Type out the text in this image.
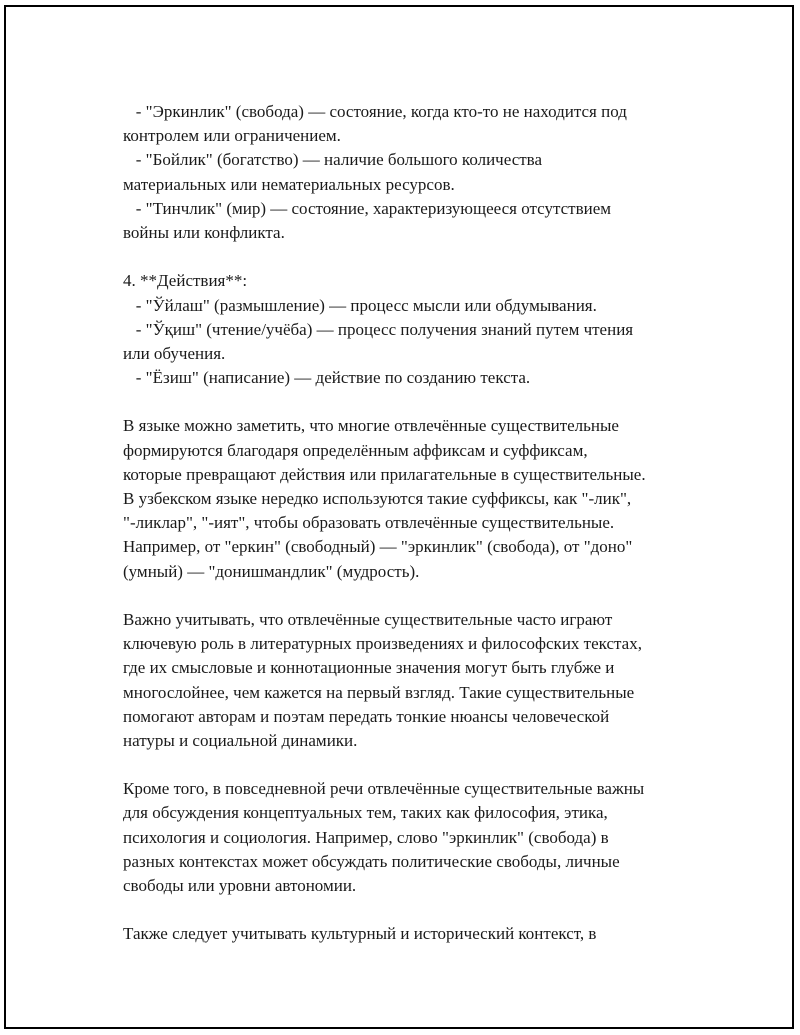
- "Эркинлик" (свобода) — состояние, когда кто-то не находится под
контролем или ограничением.
- "Бойлик" (богатство) — наличие большого количества
материальных или нематериальных ресурсов.
- "Тинчлик" (мир) — состояние, характеризующееся отсутствием
войны или конфликта.
4. **Действия**:
- "Ўйлаш" (размышление) — процесс мысли или обдумывания.
- "Ўқиш" (чтение/учёба) — процесс получения знаний путем чтения
или обучения.
- "Ёзиш" (написание) — действие по созданию текста.
В языке можно заметить, что многие отвлечённые существительные
формируются благодаря определённым аффиксам и суффиксам,
которые превращают действия или прилагательные в существительные.
В узбекском языке нередко используются такие суффиксы, как "-лик",
"-ликлар", "-ият", чтобы образовать отвлечённые существительные.
Например, от "еркин" (свободный) — "эркинлик" (свобода), от "доно"
(умный) — "донишмандлик" (мудрость).
Важно учитывать, что отвлечённые существительные часто играют
ключевую роль в литературных произведениях и философских текстах,
где их смысловые и коннотационные значения могут быть глубже и
многослойнее, чем кажется на первый взгляд. Такие существительные
помогают авторам и поэтам передать тонкие нюансы человеческой
натуры и социальной динамики.
Кроме того, в повседневной речи отвлечённые существительные важны
для обсуждения концептуальных тем, таких как философия, этика,
психология и социология. Например, слово "эркинлик" (свобода) в
разных контекстах может обсуждать политические свободы, личные
свободы или уровни автономии.
Также следует учитывать культурный и исторический контекст, в
